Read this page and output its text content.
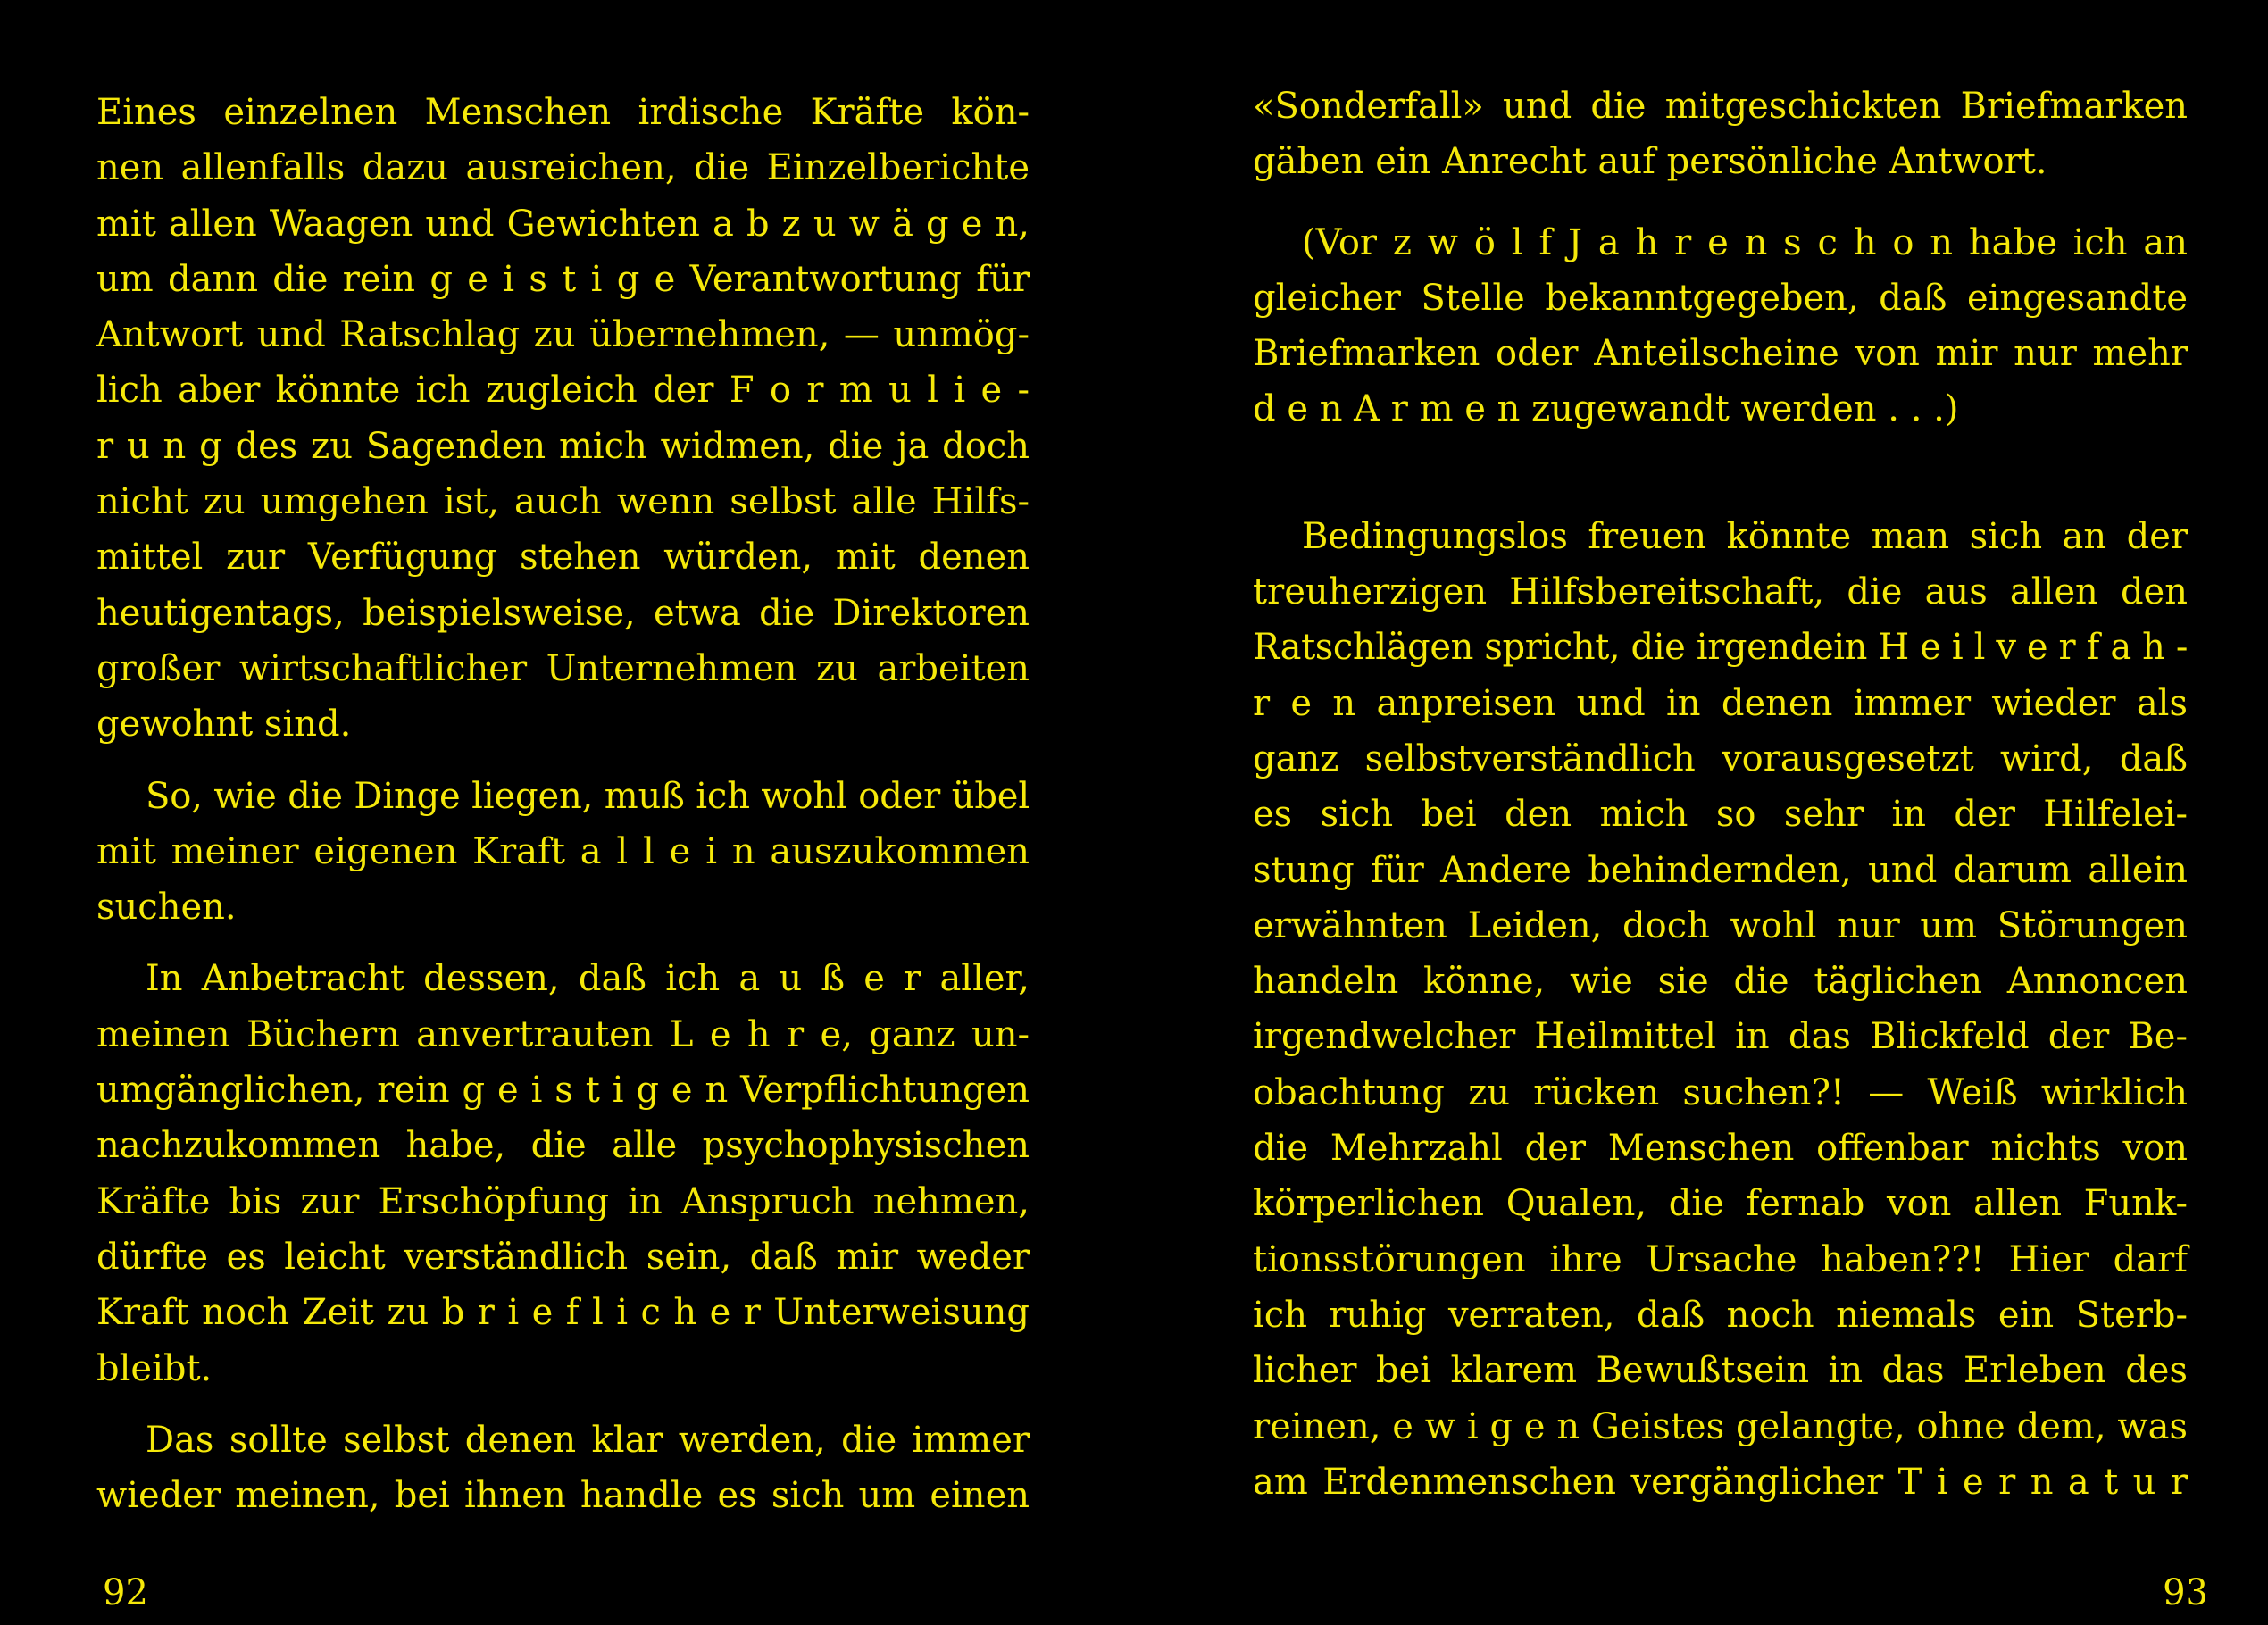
Eines einzelnen Menschen irdische Kräfte kön-
nen allenfalls dazu ausreichen, die Einzelberichte
mit allen Waagen und Gewichten a b z u w ä g e n,
um dann die rein g e i s t i g e Verantwortung für
Antwort und Ratschlag zu übernehmen, — unmög-
lich aber könnte ich zugleich der F o r m u l i e -
r u n g des zu Sagenden mich widmen, die ja doch
nicht zu umgehen ist, auch wenn selbst alle Hilfs-
mittel zur Verfügung stehen würden, mit denen
heutigentags, beispielsweise, etwa die Direktoren
großer wirtschaftlicher Unternehmen zu arbeiten
gewohnt sind.
So, wie die Dinge liegen, muß ich wohl oder übel
mit meiner eigenen Kraft a l l e i n auszukommen
suchen.
In Anbetracht dessen, daß ich a u ß e r aller,
meinen Büchern anvertrauten L e h r e, ganz un-
umgänglichen, rein g e i s t i g e n Verpflichtungen
nachzukommen habe, die alle psychophysischen
Kräfte bis zur Erschöpfung in Anspruch nehmen,
dürfte es leicht verständlich sein, daß mir weder
Kraft noch Zeit zu b r i e f l i c h e r Unterweisung
bleibt.
Das sollte selbst denen klar werden, die immer
wieder meinen, bei ihnen handle es sich um einen
92
«Sonderfall» und die mitgeschickten Briefmarken
gäben ein Anrecht auf persönliche Antwort.
(Vor z w ö l f J a h r e n s c h o n habe ich an
gleicher Stelle bekanntgegeben, daß eingesandte
Briefmarken oder Anteilscheine von mir nur mehr
d e n A r m e n zugewandt werden . . .)
Bedingungslos freuen könnte man sich an der
treuherzigen Hilfsbereitschaft, die aus allen den
Ratschlägen spricht, die irgendein H e i l v e r f a h -
r e n anpreisen und in denen immer wieder als
ganz selbstverständlich vorausgesetzt wird, daß
es sich bei den mich so sehr in der Hilfelei-
stung für Andere behindernden, und darum allein
erwähnten Leiden, doch wohl nur um Störungen
handeln könne, wie sie die täglichen Annoncen
irgendwelcher Heilmittel in das Blickfeld der Be-
obachtung zu rücken suchen?! — Weiß wirklich
die Mehrzahl der Menschen offenbar nichts von
körperlichen Qualen, die fernab von allen Funk-
tionsstörungen ihre Ursache haben??! Hier darf
ich ruhig verraten, daß noch niemals ein Sterb-
licher bei klarem Bewußtsein in das Erleben des
reinen, e w i g e n Geistes gelangte, ohne dem, was
am Erdenmenschen vergänglicher T i e r n a t u r
93
